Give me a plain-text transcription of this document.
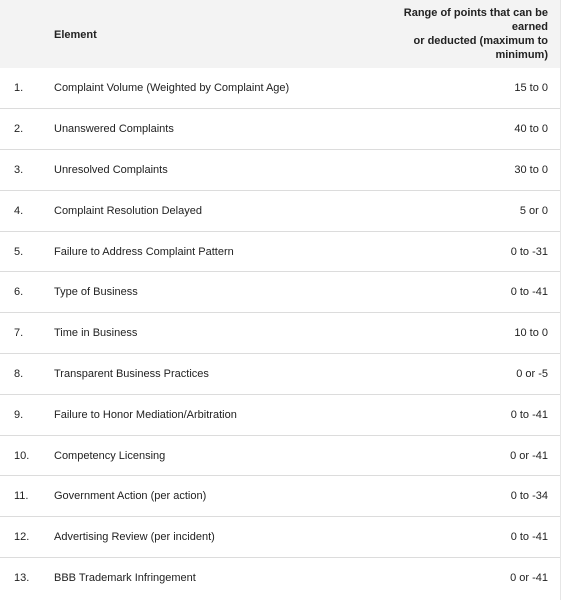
	Element	Range of points that can be earned
or deducted (maximum to minimum)
1.	Complaint Volume (Weighted by Complaint Age)	15 to 0
2.	Unanswered Complaints	40 to 0
3.	Unresolved Complaints	30 to 0
4.	Complaint Resolution Delayed	5 or 0
5.	Failure to Address Complaint Pattern	0 to -31
6.	Type of Business	0 to -41
7.	Time in Business	10 to 0
8.	Transparent Business Practices	0 or -5
9.	Failure to Honor Mediation/Arbitration	0 to -41
10.	Competency Licensing	0 or -41
11.	Government Action (per action)	0 to -34
12.	Advertising Review (per incident)	0 to -41
13.	BBB Trademark Infringement	0 or -41
